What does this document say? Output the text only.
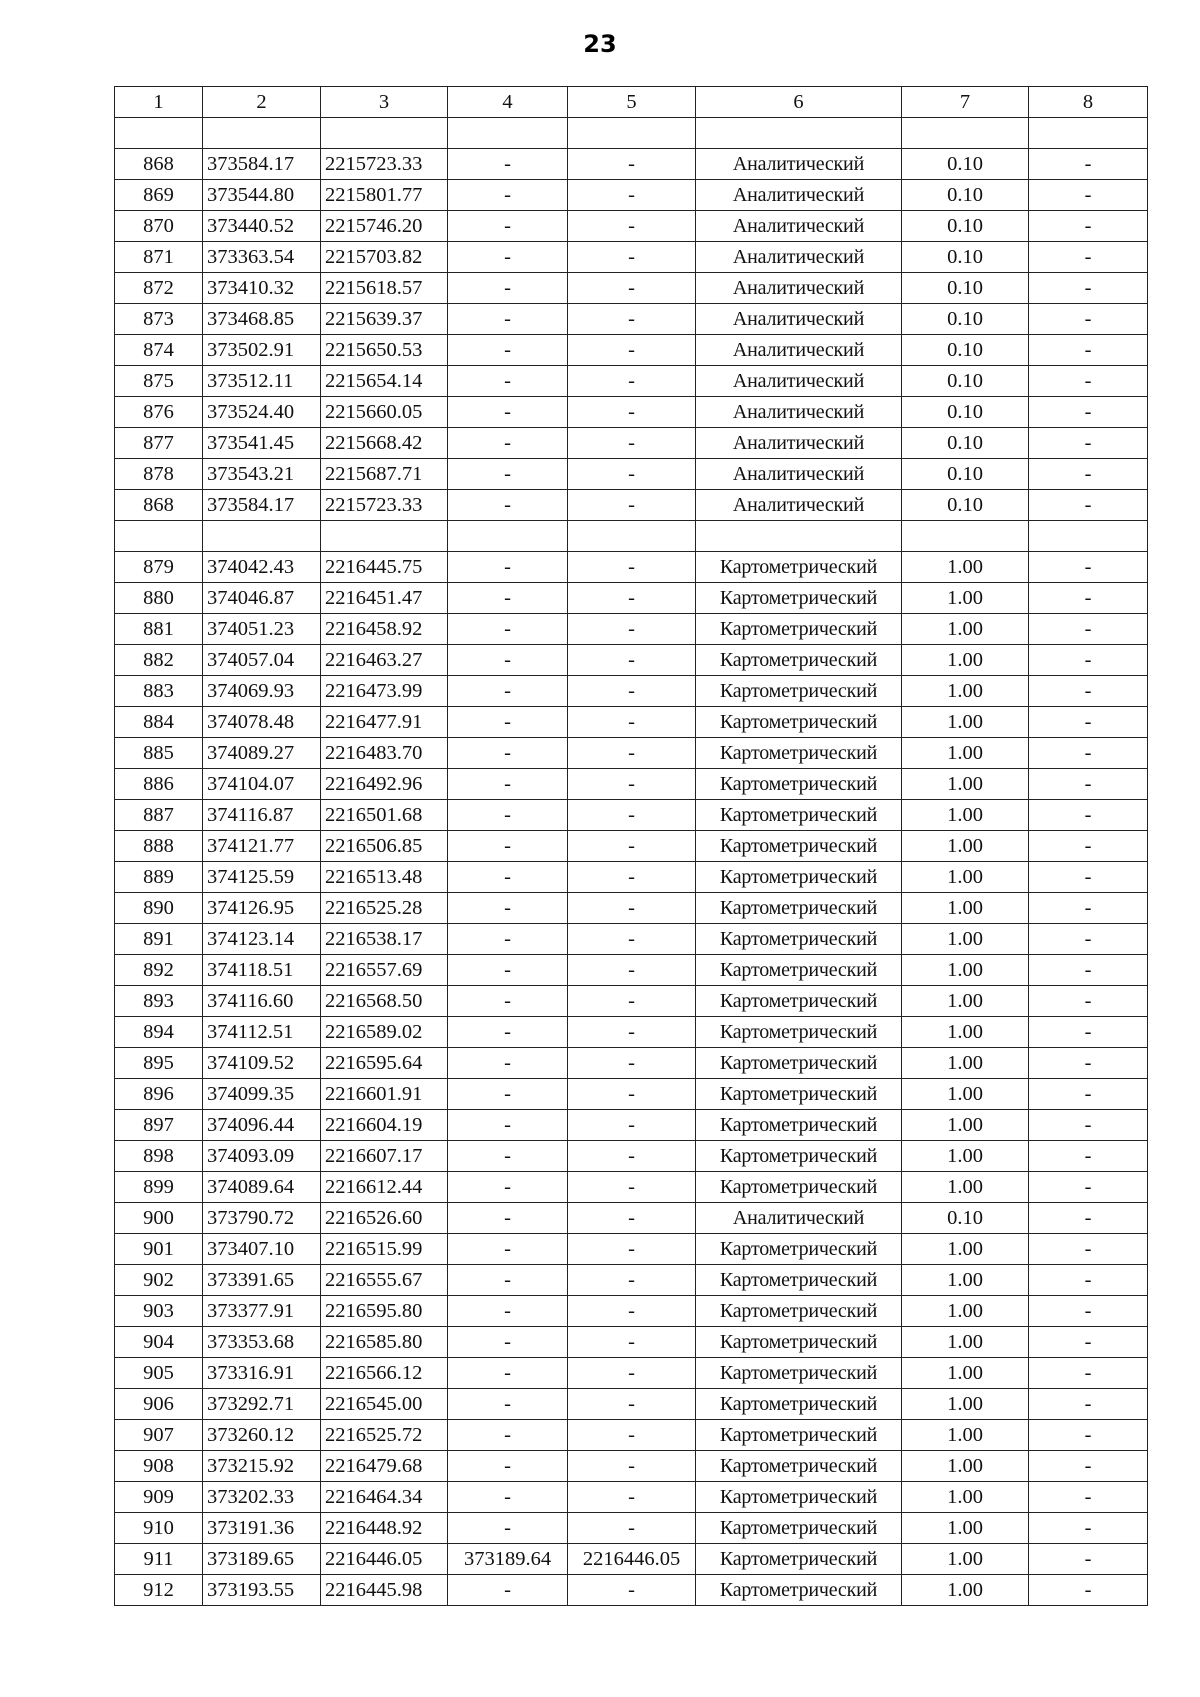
23
1	2	3	4	5	6	7	8

868	373584.17	2215723.33	-	-	Аналитический	0.10	-
869	373544.80	2215801.77	-	-	Аналитический	0.10	-
870	373440.52	2215746.20	-	-	Аналитический	0.10	-
871	373363.54	2215703.82	-	-	Аналитический	0.10	-
872	373410.32	2215618.57	-	-	Аналитический	0.10	-
873	373468.85	2215639.37	-	-	Аналитический	0.10	-
874	373502.91	2215650.53	-	-	Аналитический	0.10	-
875	373512.11	2215654.14	-	-	Аналитический	0.10	-
876	373524.40	2215660.05	-	-	Аналитический	0.10	-
877	373541.45	2215668.42	-	-	Аналитический	0.10	-
878	373543.21	2215687.71	-	-	Аналитический	0.10	-
868	373584.17	2215723.33	-	-	Аналитический	0.10	-

879	374042.43	2216445.75	-	-	Картометрический	1.00	-
880	374046.87	2216451.47	-	-	Картометрический	1.00	-
881	374051.23	2216458.92	-	-	Картометрический	1.00	-
882	374057.04	2216463.27	-	-	Картометрический	1.00	-
883	374069.93	2216473.99	-	-	Картометрический	1.00	-
884	374078.48	2216477.91	-	-	Картометрический	1.00	-
885	374089.27	2216483.70	-	-	Картометрический	1.00	-
886	374104.07	2216492.96	-	-	Картометрический	1.00	-
887	374116.87	2216501.68	-	-	Картометрический	1.00	-
888	374121.77	2216506.85	-	-	Картометрический	1.00	-
889	374125.59	2216513.48	-	-	Картометрический	1.00	-
890	374126.95	2216525.28	-	-	Картометрический	1.00	-
891	374123.14	2216538.17	-	-	Картометрический	1.00	-
892	374118.51	2216557.69	-	-	Картометрический	1.00	-
893	374116.60	2216568.50	-	-	Картометрический	1.00	-
894	374112.51	2216589.02	-	-	Картометрический	1.00	-
895	374109.52	2216595.64	-	-	Картометрический	1.00	-
896	374099.35	2216601.91	-	-	Картометрический	1.00	-
897	374096.44	2216604.19	-	-	Картометрический	1.00	-
898	374093.09	2216607.17	-	-	Картометрический	1.00	-
899	374089.64	2216612.44	-	-	Картометрический	1.00	-
900	373790.72	2216526.60	-	-	Аналитический	0.10	-
901	373407.10	2216515.99	-	-	Картометрический	1.00	-
902	373391.65	2216555.67	-	-	Картометрический	1.00	-
903	373377.91	2216595.80	-	-	Картометрический	1.00	-
904	373353.68	2216585.80	-	-	Картометрический	1.00	-
905	373316.91	2216566.12	-	-	Картометрический	1.00	-
906	373292.71	2216545.00	-	-	Картометрический	1.00	-
907	373260.12	2216525.72	-	-	Картометрический	1.00	-
908	373215.92	2216479.68	-	-	Картометрический	1.00	-
909	373202.33	2216464.34	-	-	Картометрический	1.00	-
910	373191.36	2216448.92	-	-	Картометрический	1.00	-
911	373189.65	2216446.05	373189.64	2216446.05	Картометрический	1.00	-
912	373193.55	2216445.98	-	-	Картометрический	1.00	-
